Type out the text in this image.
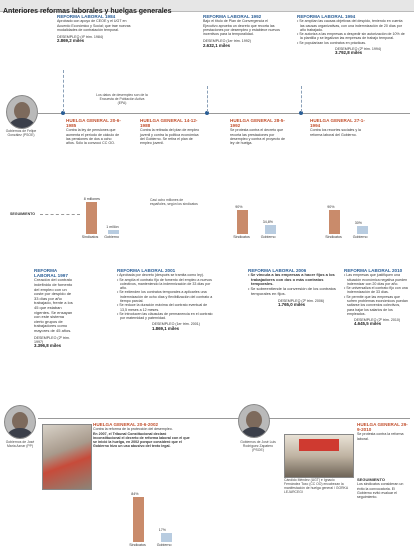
Anteriores reformas laborales y huelgas generales
REFORMA LABORAL 1984
Aprobado con apoyo de CEOE y el UGT en Acuerdo Económico y Social; que trae nuevas modalidades de contratación temporal.
DESEMPLEO (4º trim. 1984)
2.869,2 miles
REFORMA LABORAL 1992
Bajo el título de Plan de Convergencia el Ejecutivo aprueba un decreto que recorta las prestaciones por desempleo y establece nuevos incentivos para la temporalidad.
DESEMPLEO (1er trim. 1992)
2.632,1 miles
REFORMA LABORAL 1994
• Se amplían las causas objetivas del despido, teniendo en cuenta las causas organizativas, con una indemnización de 20 días por año trabajado.
• Se autoriza a las empresas a despedir sin autorización de 10% de la plantilla y se legalizan las empresas de trabajo temporal.
• Se popularizan los contratos en prácticas.
DESEMPLEO (2º trim. 1994)
3.792,8 miles
Los datos de desempleo son de la Encuesta de Población Activa (EPA)
Gobiernos de Felipe González (PSOE)
HUELGA GENERAL 20-6-1985
Contra la ley de pensiones que aumenta el período de cálculo de las pensiones de dos a ocho años. Sólo la convocó CC OO.
HUELGA GENERAL 14-12-1988
Contra la retirada del plan de empleo juvenil y contra la política económica del Gobierno. Se retira el plan de empleo juvenil.
HUELGA GENERAL 28-5-1992
Se protesta contra el decreto que recorta las prestaciones por desempleo y contra el proyecto de ley de huelga.
HUELGA GENERAL 27-1-1994
Contra los recortes sociales y la reforma laboral del Gobierno.
Casi ocho millones de españoles, según los sindicatos
SEGUIMIENTO
8 millones
Sindicatos
1 millón
Gobierno
90%
Sindicatos
34,8%
Gobierno
90%
Sindicatos
30%
Gobierno
REFORMA LABORAL 1997
Creación del contrato indefinido de fomento del empleo con un coste por despido de 33 días por año trabajado, frente a los 45 que estaban vigentes. Se ensayan con este sistema cierto grupos de trabajadores como mayores de 45 años.
DESEMPLEO (2º trim. 1997)
3.396,8 miles
REFORMA LABORAL 2001
• Aprobada por decreto (después se tramita como ley).
• Se amplía el contrato fijo de fomento del empleo a nuevos colectivos, manteniendo la indemnización de 33 días por año.
• Se extienden los contratos temporales a aplicarles una indemnización de ocho días y flexibilización del contrato a tiempo parcial.
• Se reduce la duración máxima del contrato eventual de 13,5 meses a 12 meses.
• Se introducen las cláusulas de permanencia en el contrato por maternidad y paternidad.
DESEMPLEO (1er trim. 2001)
1.869,1 miles
REFORMA LABORAL 2006
• Se vincula a las empresas a hacer fijos a los trabajadores con dos o más contratos temporales.
• Se sobreentiende la conversión de los contratos temporales en fijos.
DESEMPLEO (2º trim. 2006)
1.765,0 miles
REFORMA LABORAL 2010
• Las empresas que justifiquen una situación económica negativa pueden indemnizar con 20 días por año.
• Se universaliza el contrato fijo con una indemnización de 33 días.
• Se permite que las empresas que sufren problemas económicos puedan saltarse los convenios colectivos, para bajar los salarios de los empleados.
DESEMPLEO (2º trim. 2010)
4.645,5 miles
Gobiernos de José María Aznar (PP)
HUELGA GENERAL 20-6-2002
Contra la reforma de la protección del desempleo.
En 2007, el Tribunal Constitucional declaró inconstitucional el decreto de reforma laboral con el que se inició la huelga, en 2002 porque consideró que el Gobierno hizo un uso abusivo del texto legal.
84%
Sindicatos
17%
Gobierno
Gobiernos de José Luis Rodríguez Zapatero (PSOE)
Cándido Méndez (UGT) e Ignacio Fernández Toxo (CC OO) encabezan la manifestación de huelga general / GORKA LEJARCEGI
HUELGA GENERAL 29-9-2010
Se protesta contra la reforma laboral.
SEGUIMIENTO
Los sindicatos consideran un éxito la convocatoria. El Gobierno evitó evaluar el seguimiento.
